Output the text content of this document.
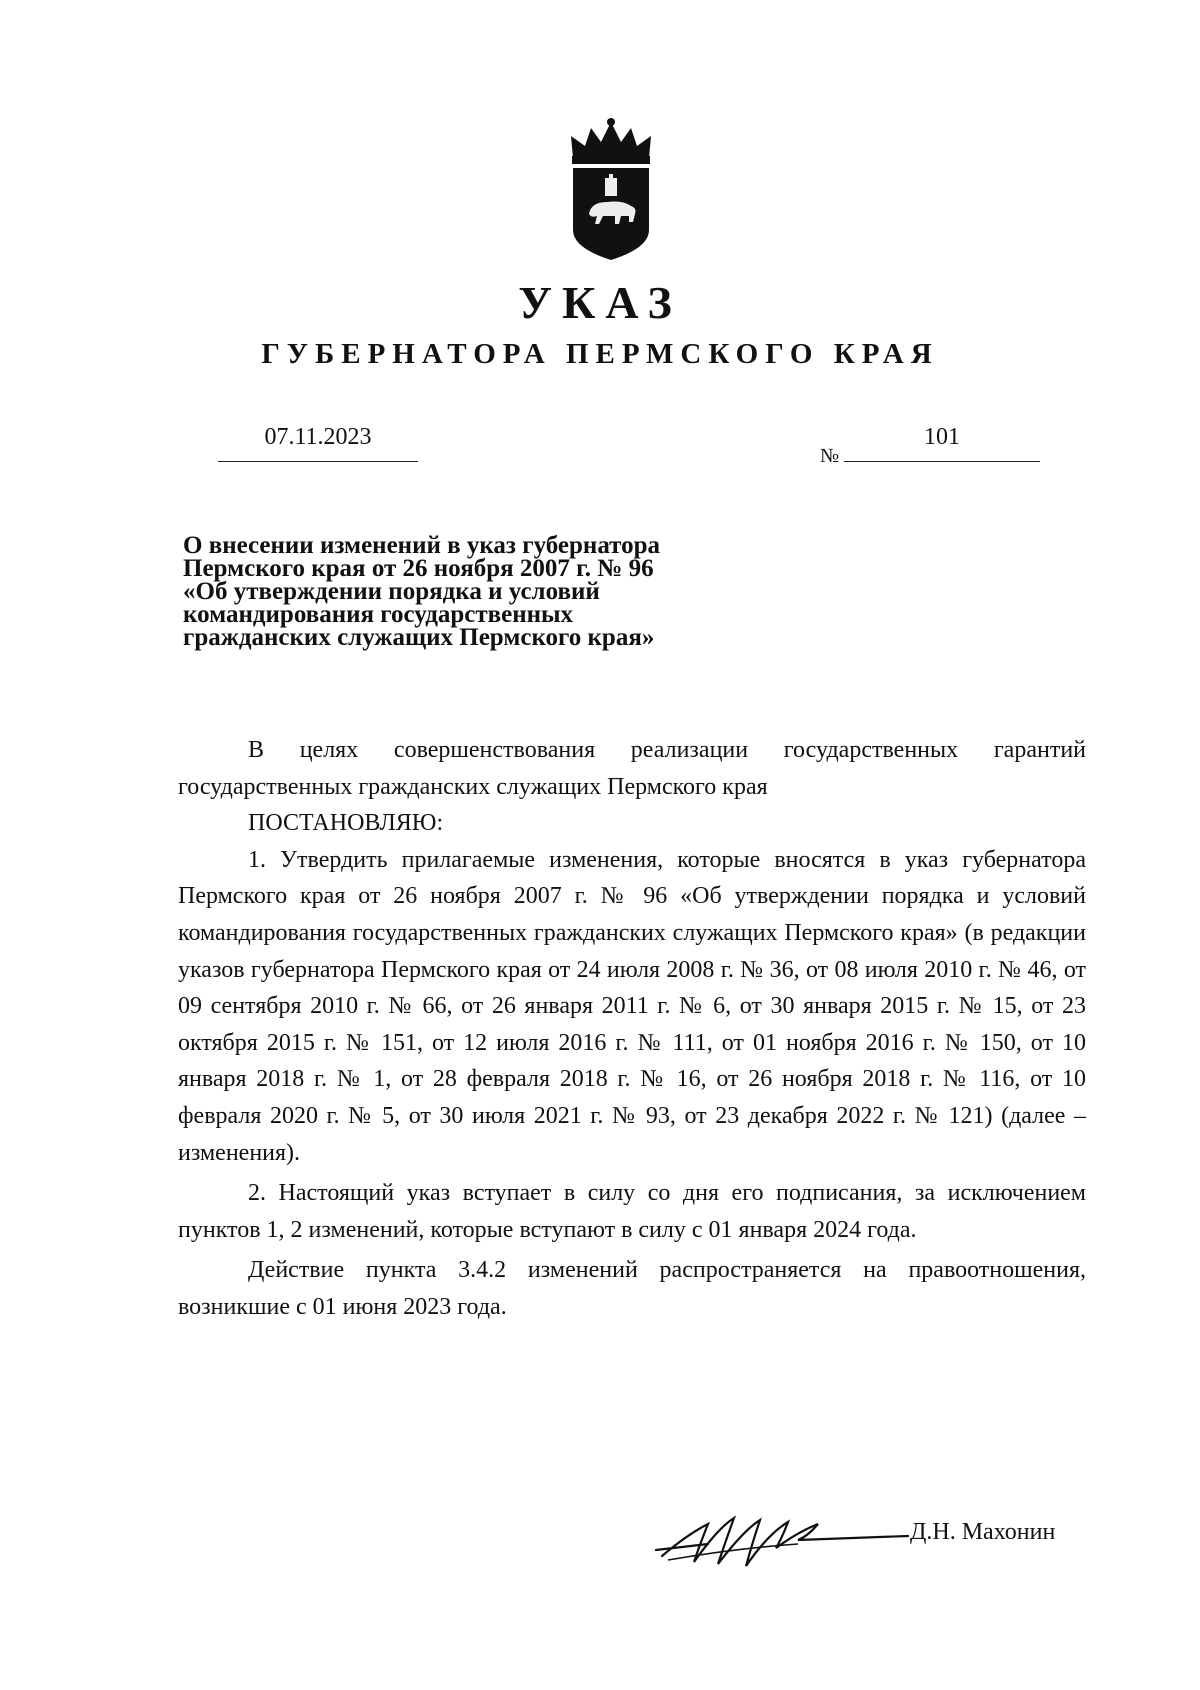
УКАЗ
ГУБЕРНАТОРА ПЕРМСКОГО КРАЯ
07.11.2023
№
101
О внесении изменений в указ губернатора
Пермского края от 26 ноября 2007 г. № 96
«Об утверждении порядка и условий
командирования государственных
гражданских служащих Пермского края»

В целях совершенствования реализации государственных гарантий государственных гражданских служащих Пермского края

ПОСТАНОВЛЯЮ:

1. Утвердить прилагаемые изменения, которые вносятся в указ губернатора Пермского края от 26 ноября 2007 г. № 96 «Об утверждении порядка и условий командирования государственных гражданских служащих Пермского края» (в редакции указов губернатора Пермского края от 24 июля 2008 г. № 36, от 08 июля 2010 г. № 46, от 09 сентября 2010 г. № 66, от 26 января 2011 г. № 6, от 30 января 2015 г. № 15, от 23 октября 2015 г. № 151, от 12 июля 2016 г. № 111, от 01 ноября 2016 г. № 150, от 10 января 2018 г. № 1, от 28 февраля 2018 г. № 16, от 26 ноября 2018 г. № 116, от 10 февраля 2020 г. № 5, от 30 июля 2021 г. № 93, от 23 декабря 2022 г. № 121) (далее – изменения).

2. Настоящий указ вступает в силу со дня его подписания, за исключением пунктов 1, 2 изменений, которые вступают в силу с 01 января 2024 года.

Действие пункта 3.4.2 изменений распространяется на правоотношения, возникшие с 01 июня 2023 года.

Д.Н. Махонин
